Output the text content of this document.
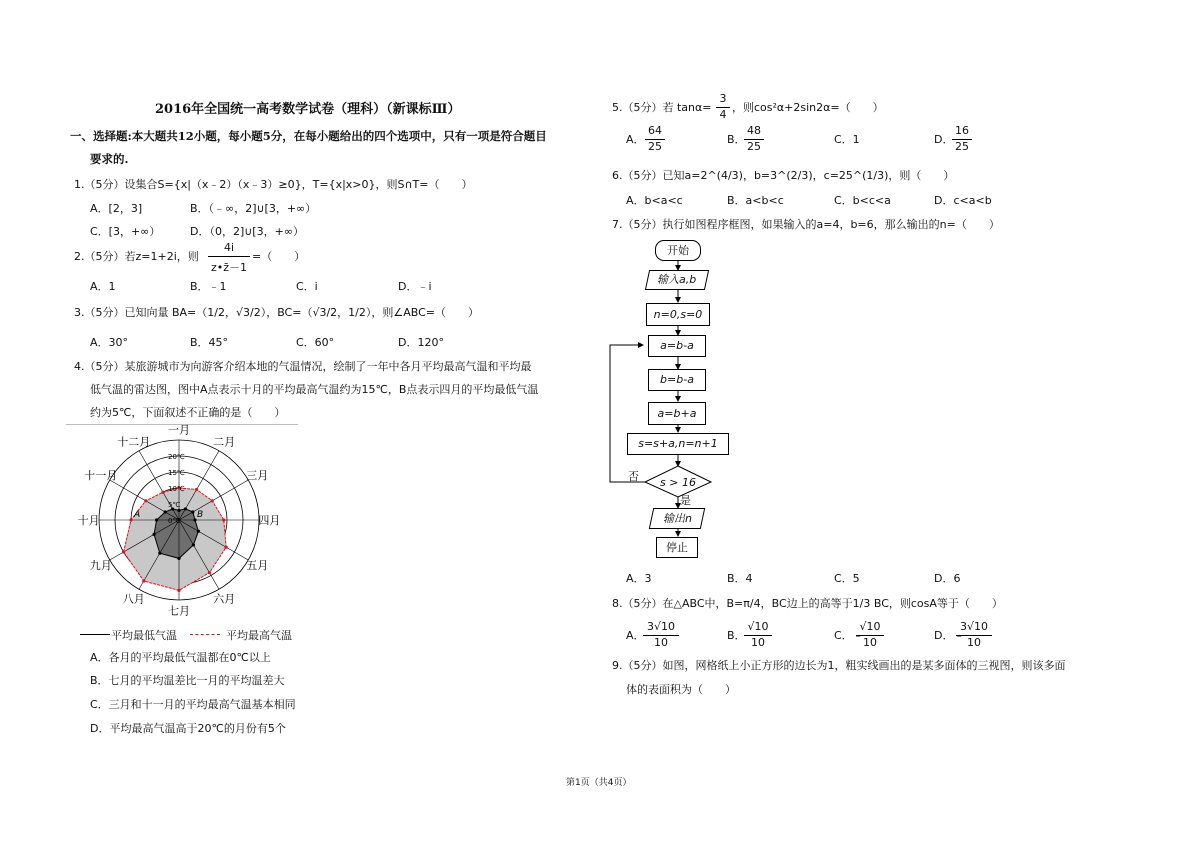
2016年全国统一高考数学试卷（理科）（新课标Ⅲ）
一、选择题:本大题共12小题，每小题5分，在每小题给出的四个选项中，只有一项是符合题目
要求的.
1.（5分）设集合S={x|（x﹣2）（x﹣3）≥0}，T={x|x>0}，则S∩T=（　　）
A．[2，3]	B．（﹣∞，2]∪[3，+∞）
C．[3，+∞）	D．（0，2]∪[3，+∞）
2.（5分）若z=1+2i，则
4i
z•z̄－1
=（　　）
A．1	B．﹣1	C．i	D．﹣i
3.（5分）已知向量 BA=（1/2，√3/2），BC=（√3/2，1/2），则∠ABC=（　　）
A．30°	B．45°	C．60°	D．120°
4.（5分）某旅游城市为向游客介绍本地的气温情况，绘制了一年中各月平均最高气温和平均最
低气温的雷达图，图中A点表示十月的平均最高气温约为15℃，B点表示四月的平均最低气温
约为5℃，下面叙述不正确的是（　　）
0℃
5℃
10℃
15℃
20℃
一月
二月
三月
四月
五月
六月
七月
八月
九月
十月
十一月
十二月
A	B
平均最低气温	平均最高气温
A．各月的平均最低气温都在0℃以上
B．七月的平均温差比一月的平均温差大
C．三月和十一月的平均最高气温基本相同
D．平均最高气温高于20℃的月份有5个
5.（5分）若 tanα=
3
4
，则cos²α+2sin2α=（　　）
A．
64
25
B．
48
25
C．1	D．
16
25
6.（5分）已知a=2^(4/3)，b=3^(2/3)，c=25^(1/3)，则（　　）
A．b<a<c	B．a<b<c	C．b<c<a	D．c<a<b
7.（5分）执行如图程序框图，如果输入的a=4，b=6，那么输出的n=（　　）
开始
输入a,b
n=0,s=0
a=b-a
b=b-a
a=b+a
s=s+a,n=n+1
s > 16
否
是
输出n
停止
A．3	B．4	C．5	D．6
8.（5分）在△ABC中，B=π/4，BC边上的高等于1/3 BC，则cosA等于（　　）
A．
3√10
10
B．
√10
10
C．﹣
√10
10
D．﹣
3√10
10
9.（5分）如图，网格纸上小正方形的边长为1，粗实线画出的是某多面体的三视图，则该多面
体的表面积为（　　）
第1页（共4页）
